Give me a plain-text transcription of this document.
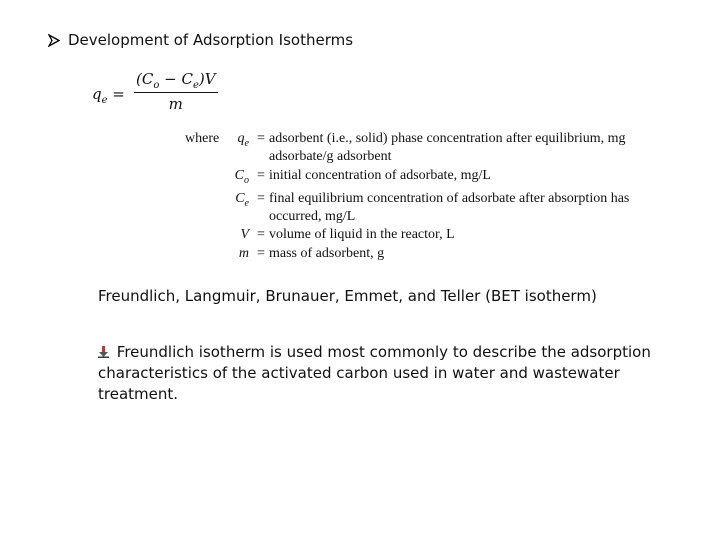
Development of Adsorption Isotherms
$q_e = \frac{(C_o - C_e)V}{m}$
where	$q_e$	=	adsorbent (i.e., solid) phase concentration after equilibrium, mg adsorbate/g adsorbent
	$C_o$	=	initial concentration of adsorbate, mg/L
	$C_e$	=	final equilibrium concentration of adsorbate after absorption has occurred, mg/L
	V	=	volume of liquid in the reactor, L
	m	=	mass of adsorbent, g
Freundlich, Langmuir, Brunauer, Emmet, and Teller (BET isotherm)
Freundlich isotherm is used most commonly to describe the adsorption characteristics of the activated carbon used in water and wastewater treatment.
